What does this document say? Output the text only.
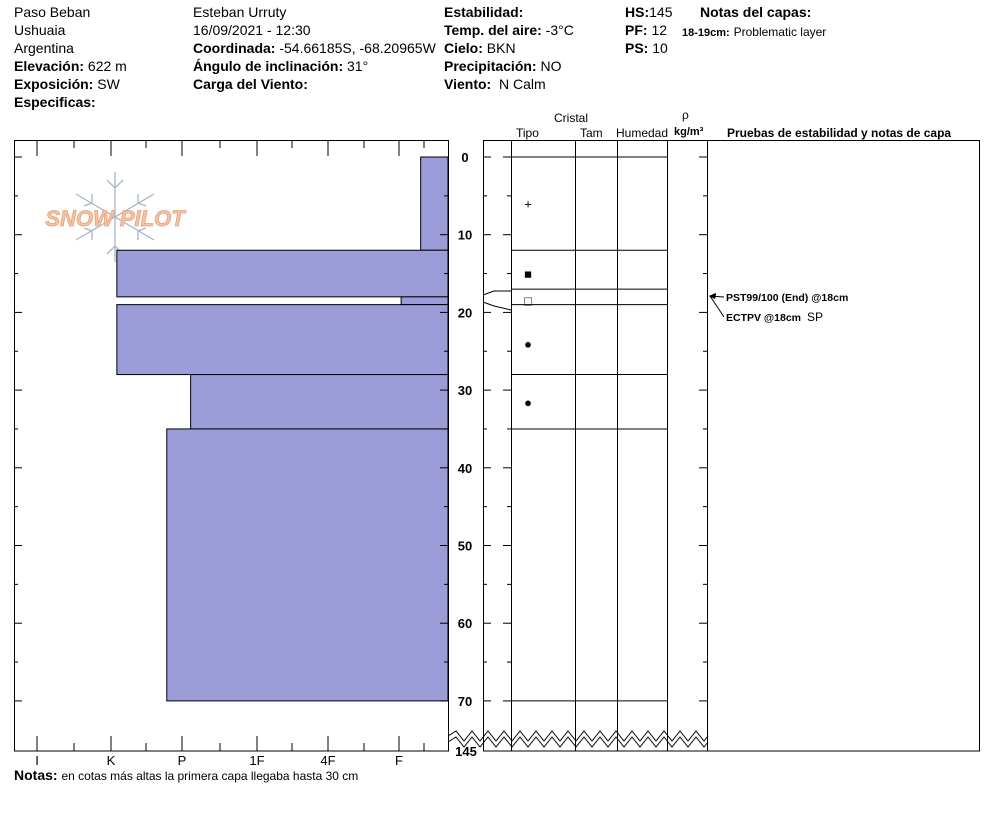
Paso Beban
Ushuaia
Argentina
Elevación: 622 m
Exposición: SW
Especificas:
Esteban Urruty
16/09/2021 - 12:30
Coordinada: -54.66185S, -68.20965W
Ángulo de inclinación: 31°
Carga del Viento:
Estabilidad:
Temp. del aire: -3°C
Cielo: BKN
Precipitación: NO
Viento: N Calm
HS:145
PF: 12
PS: 10
Notas del capas:
18-19cm: Problematic layer
Cristal
Tipo	Tam Humedad
ρ
kg/m³ Pruebas de estabilidad y notas de capa
SNOW PILOT
I	K	P	1F	4F	F
0
10
20
30
40
50
60
70
145
+
■
□
●
●
PST99/100 (End) @18cm
ECTPV @18cm SP
Notas: en cotas más altas la primera capa llegaba hasta 30 cm
